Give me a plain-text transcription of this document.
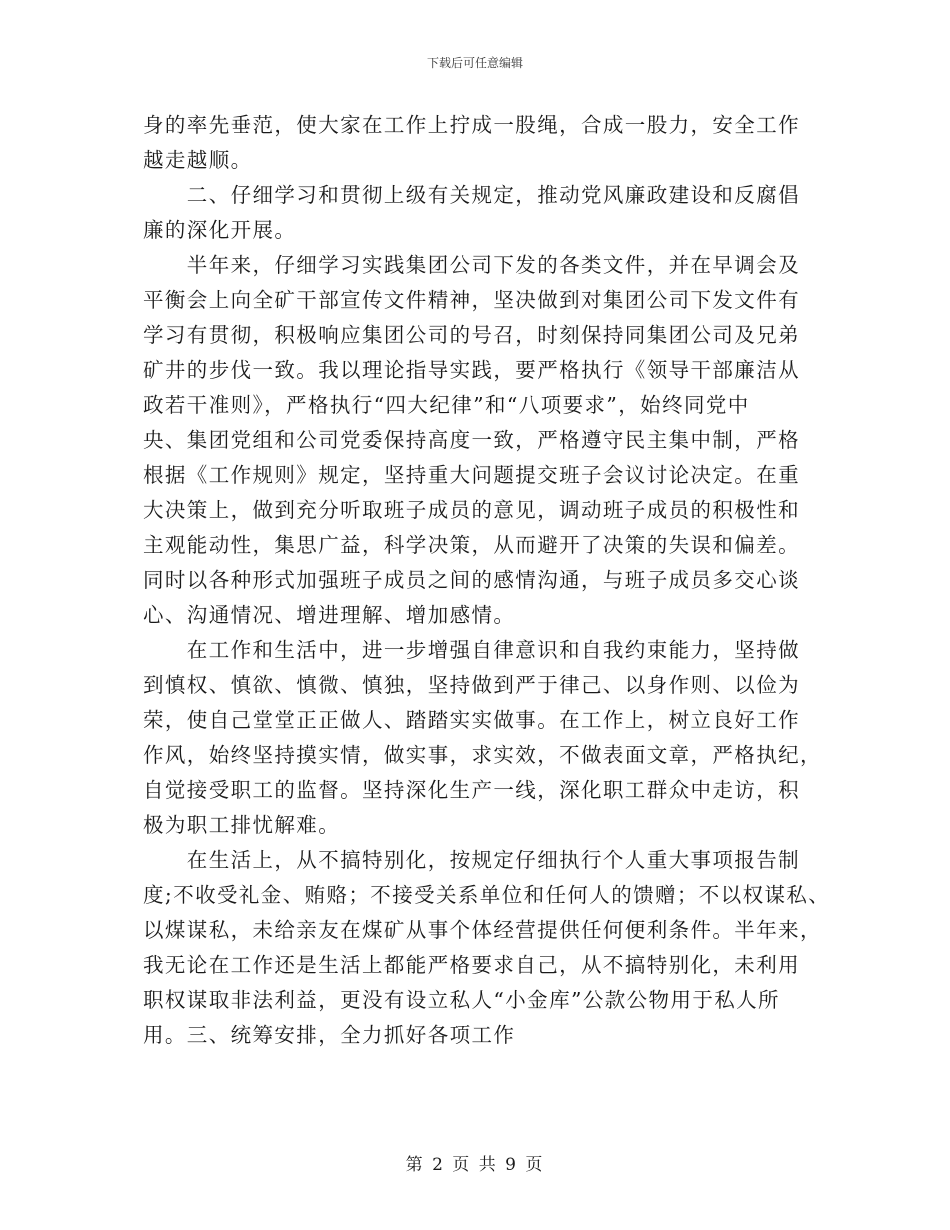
下载后可任意编辑
身的率先垂范，使大家在工作上拧成一股绳，合成一股力，安全工作
越走越顺。
　　二、仔细学习和贯彻上级有关规定，推动党风廉政建设和反腐倡
廉的深化开展。
　　半年来，仔细学习实践集团公司下发的各类文件，并在早调会及
平衡会上向全矿干部宣传文件精神，坚决做到对集团公司下发文件有
学习有贯彻，积极响应集团公司的号召，时刻保持同集团公司及兄弟
矿井的步伐一致。我以理论指导实践，要严格执行《领导干部廉洁从
政若干准则》，严格执行“四大纪律”和“八项要求”，始终同党中
央、集团党组和公司党委保持高度一致，严格遵守民主集中制，严格
根据《工作规则》规定，坚持重大问题提交班子会议讨论决定。在重
大决策上，做到充分听取班子成员的意见，调动班子成员的积极性和
主观能动性，集思广益，科学决策，从而避开了决策的失误和偏差。
同时以各种形式加强班子成员之间的感情沟通，与班子成员多交心谈
心、沟通情况、增进理解、增加感情。
　　在工作和生活中，进一步增强自律意识和自我约束能力，坚持做
到慎权、慎欲、慎微、慎独，坚持做到严于律己、以身作则、以俭为
荣，使自己堂堂正正做人、踏踏实实做事。在工作上，树立良好工作
作风，始终坚持摸实情，做实事，求实效，不做表面文章，严格执纪，
自觉接受职工的监督。坚持深化生产一线，深化职工群众中走访，积
极为职工排忧解难。
　　在生活上，从不搞特别化，按规定仔细执行个人重大事项报告制
度;不收受礼金、贿赂；不接受关系单位和任何人的馈赠；不以权谋私、
以煤谋私，未给亲友在煤矿从事个体经营提供任何便利条件。半年来，
我无论在工作还是生活上都能严格要求自己，从不搞特别化，未利用
职权谋取非法利益，更没有设立私人“小金库”公款公物用于私人所
用。三、统筹安排，全力抓好各项工作
第 2 页 共 9 页
